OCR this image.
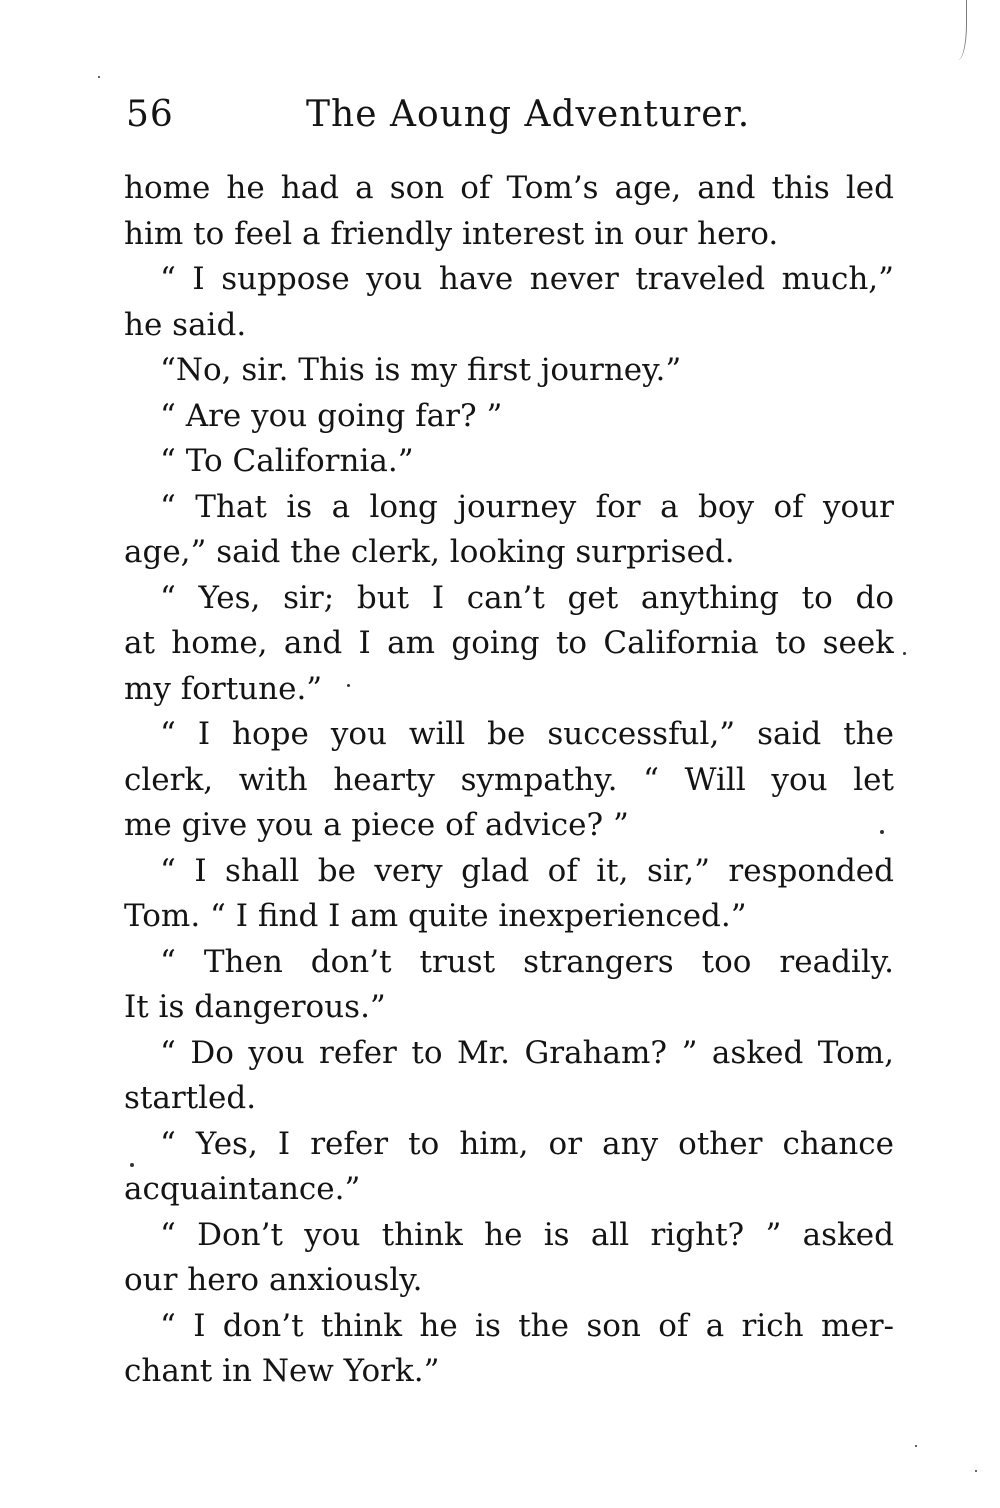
56	The Aoung Adventurer.
home he had a son of Tom’s age, and this led
him to feel a friendly interest in our hero.
“ I suppose you have never traveled much,”
he said.
“No, sir. This is my first journey.”
“ Are you going far? ”
“ To California.”
“ That is a long journey for a boy of your
age,” said the clerk, looking surprised.
“ Yes, sir; but I can’t get anything to do
at home, and I am going to California to seek
my fortune.”
“ I hope you will be successful,” said the
clerk, with hearty sympathy. “ Will you let
me give you a piece of advice? ”
“ I shall be very glad of it, sir,” responded
Tom. “ I find I am quite inexperienced.”
“ Then don’t trust strangers too readily.
It is dangerous.”
“ Do you refer to Mr. Graham? ” asked Tom,
startled.
“ Yes, I refer to him, or any other chance
acquaintance.”
“ Don’t you think he is all right? ” asked
our hero anxiously.
“ I don’t think he is the son of a rich mer-
chant in New York.”
